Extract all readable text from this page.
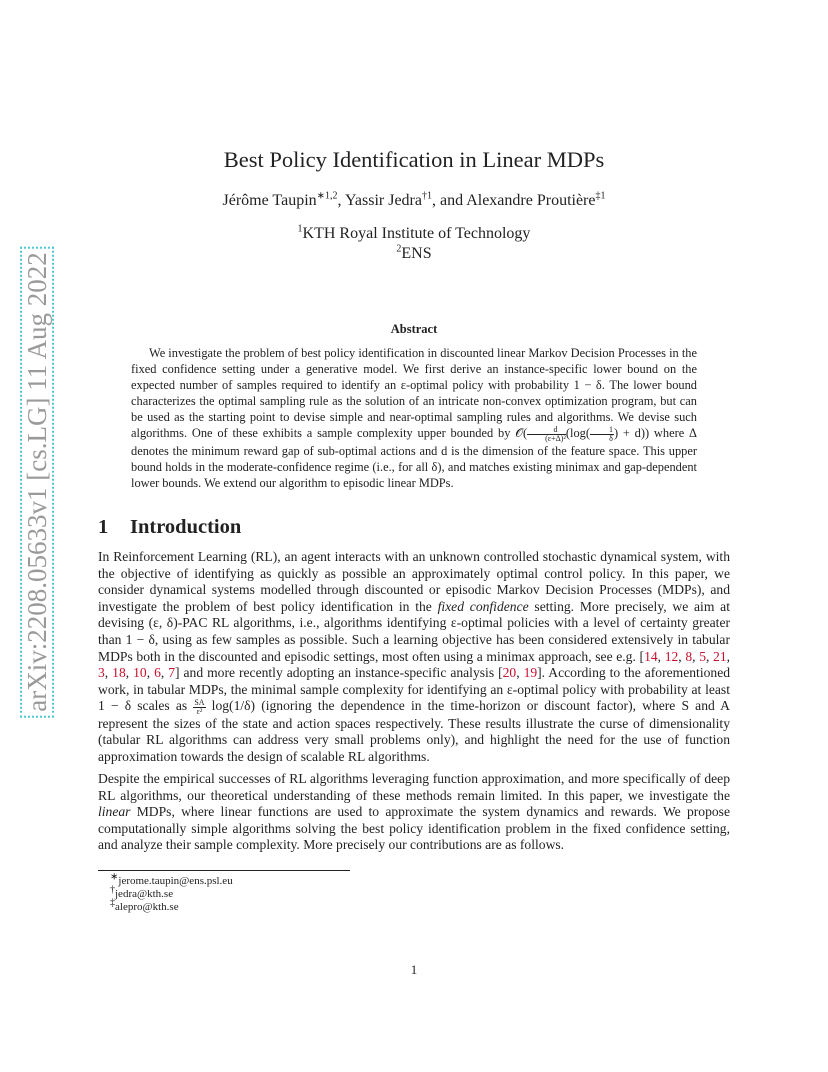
arXiv:2208.05633v1 [cs.LG] 11 Aug 2022
Best Policy Identification in Linear MDPs
Jérôme Taupin$^{∗1,2}$, Yassir Jedra$^{\dagger 1}$, and Alexandre Proutière$^{\ddagger 1}$
$^1$KTH Royal Institute of Technology
$^2$ENS
Abstract
We investigate the problem of best policy identification in discounted linear Markov Decision Processes in the fixed confidence setting under a generative model. We first derive an instance-specific lower bound on the expected number of samples required to identify an ε-optimal policy with probability 1 − δ. The lower bound characterizes the optimal sampling rule as the solution of an intricate non-convex optimization program, but can be used as the starting point to devise simple and near-optimal sampling rules and algorithms. We devise such algorithms. One of these exhibits a sample complexity upper bounded by 𝒪( $\frac{d}{\text{(ε+Δ)²}} (\log( \frac{1}{\delta}$ ) + d)) where Δ denotes the minimum reward gap of sub-optimal actions and d is the dimension of the feature space. This upper bound holds in the moderate-confidence regime (i.e., for all δ), and matches existing minimax and gap-dependent lower bounds. We extend our algorithm to episodic linear MDPs.
1 Introduction
In Reinforcement Learning (RL), an agent interacts with an unknown controlled stochastic dynamical system, with the objective of identifying as quickly as possible an approximately optimal control policy. In this paper, we consider dynamical systems modelled through discounted or episodic Markov Decision Processes (MDPs), and investigate the problem of best policy identification in the fixed confidence setting. More precisely, we aim at devising (ε, δ)-PAC RL algorithms, i.e., algorithms identifying ε-optimal policies with a level of certainty greater than 1 − δ, using as few samples as possible. Such a learning objective has been considered extensively in tabular MDPs both in the discounted and episodic settings, most often using a minimax approach, see e.g. [14, 12, 8, 5, 21, 3, 18, 10, 6, 7] and more recently adopting an instance-specific analysis [20, 19]. According to the aforementioned work, in tabular MDPs, the minimal sample complexity for identifying an ε-optimal policy with probability at least 1 − δ scales as $\frac{SA}{\text{ε²}} \log(1/\delta)$ (ignoring the dependence in the time-horizon or discount factor), where S and A represent the sizes of the state and action spaces respectively. These results illustrate the curse of dimensionality (tabular RL algorithms can address very small problems only), and highlight the need for the use of function approximation towards the design of scalable RL algorithms.
Despite the empirical successes of RL algorithms leveraging function approximation, and more specifically of deep RL algorithms, our theoretical understanding of these methods remain limited. In this paper, we investigate the linear MDPs, where linear functions are used to approximate the system dynamics and rewards. We propose computationally simple algorithms solving the best policy identification problem in the fixed confidence setting, and analyze their sample complexity. More precisely our contributions are as follows.
∗jerome.taupin@ens.psl.eu
†jedra@kth.se
‡alepro@kth.se
1
